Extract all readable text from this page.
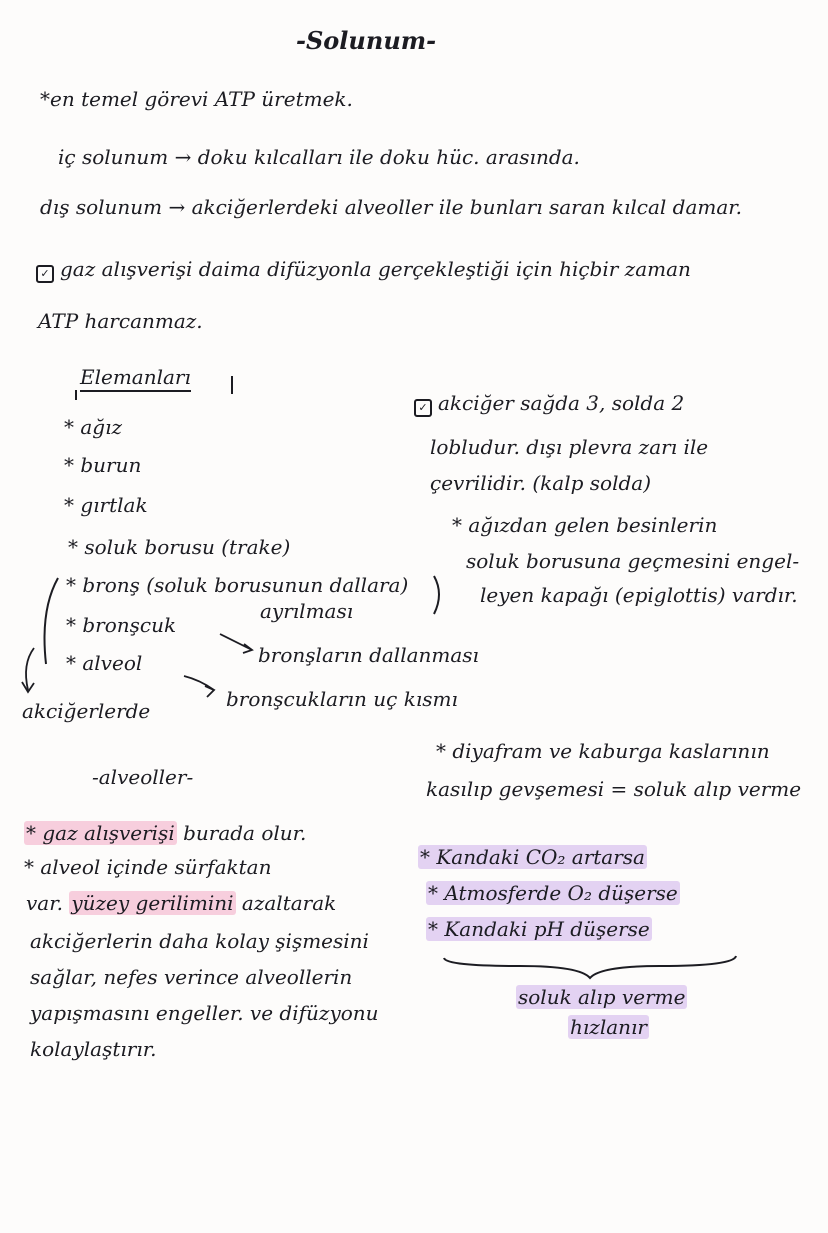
-Solunum-
*en temel görevi ATP üretmek.
iç solunum → doku kılcalları ile doku hüc. arasında.
dış solunum → akciğerlerdeki alveoller ile bunları saran kılcal damar.
✓ gaz alışverişi daima difüzyonla gerçekleştiği için hiçbir zaman
ATP harcanmaz.
Elemanları
* ağız
* burun
* gırtlak
* soluk borusu (trake)
* bronş (soluk borusunun dallara)
ayrılması
* bronşcuk
bronşların dallanması
* alveol
bronşcukların uç kısmı
akciğerlerde
✓ akciğer sağda 3, solda 2
lobludur. dışı plevra zarı ile
çevrilidir. (kalp solda)
* ağızdan gelen besinlerin
soluk borusuna geçmesini engel-
leyen kapağı (epiglottis) vardır.
-alveoller-
* gaz alışverişi burada olur.
* alveol içinde sürfaktan
var. yüzey gerilimini azaltarak
akciğerlerin daha kolay şişmesini
sağlar, nefes verince alveollerin
yapışmasını engeller. ve difüzyonu
kolaylaştırır.
* diyafram ve kaburga kaslarının
kasılıp gevşemesi = soluk alıp verme
* Kandaki CO₂ artarsa
* Atmosferde O₂ düşerse
* Kandaki pH düşerse
soluk alıp verme
hızlanır
